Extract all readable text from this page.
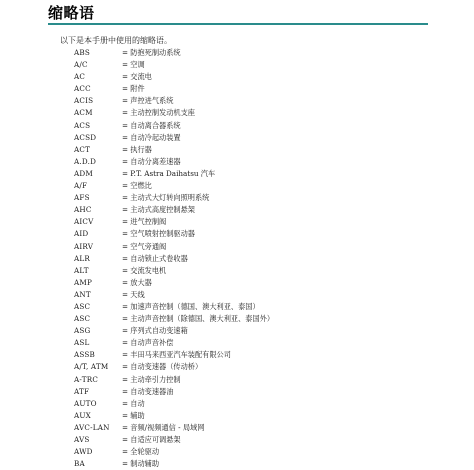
缩略语
以下是本手册中使用的缩略语。
ABS	= 防抱死制动系统
A/C	= 空调
AC	= 交流电
ACC	= 附件
ACIS	= 声控进气系统
ACM	= 主动控制发动机支座
ACS	= 自动离合器系统
ACSD	= 自动冷起动装置
ACT	= 执行器
A.D.D	= 自动分离差速器
ADM	= P.T. Astra Daihatsu 汽车
A/F	= 空燃比
AFS	= 主动式大灯转向照明系统
AHC	= 主动式高度控制悬架
AICV	= 进气控制阀
AID	= 空气喷射控制驱动器
AIRV	= 空气旁通阀
ALR	= 自动锁止式卷收器
ALT	= 交流发电机
AMP	= 放大器
ANT	= 天线
ASC	= 加速声音控制（德国、澳大利亚、泰国）
ASC	= 主动声音控制（除德国、澳大利亚、泰国外）
ASG	= 序列式自动变速箱
ASL	= 自动声音补偿
ASSB	= 丰田马来西亚汽车装配有限公司
A/T, ATM	= 自动变速器（传动桥）
A-TRC	= 主动牵引力控制
ATF	= 自动变速器油
AUTO	= 自动
AUX	= 辅助
AVC-LAN	= 音频/视频通信 - 局域网
AVS	= 自适应可调悬架
AWD	= 全轮驱动
BA	= 制动辅助
